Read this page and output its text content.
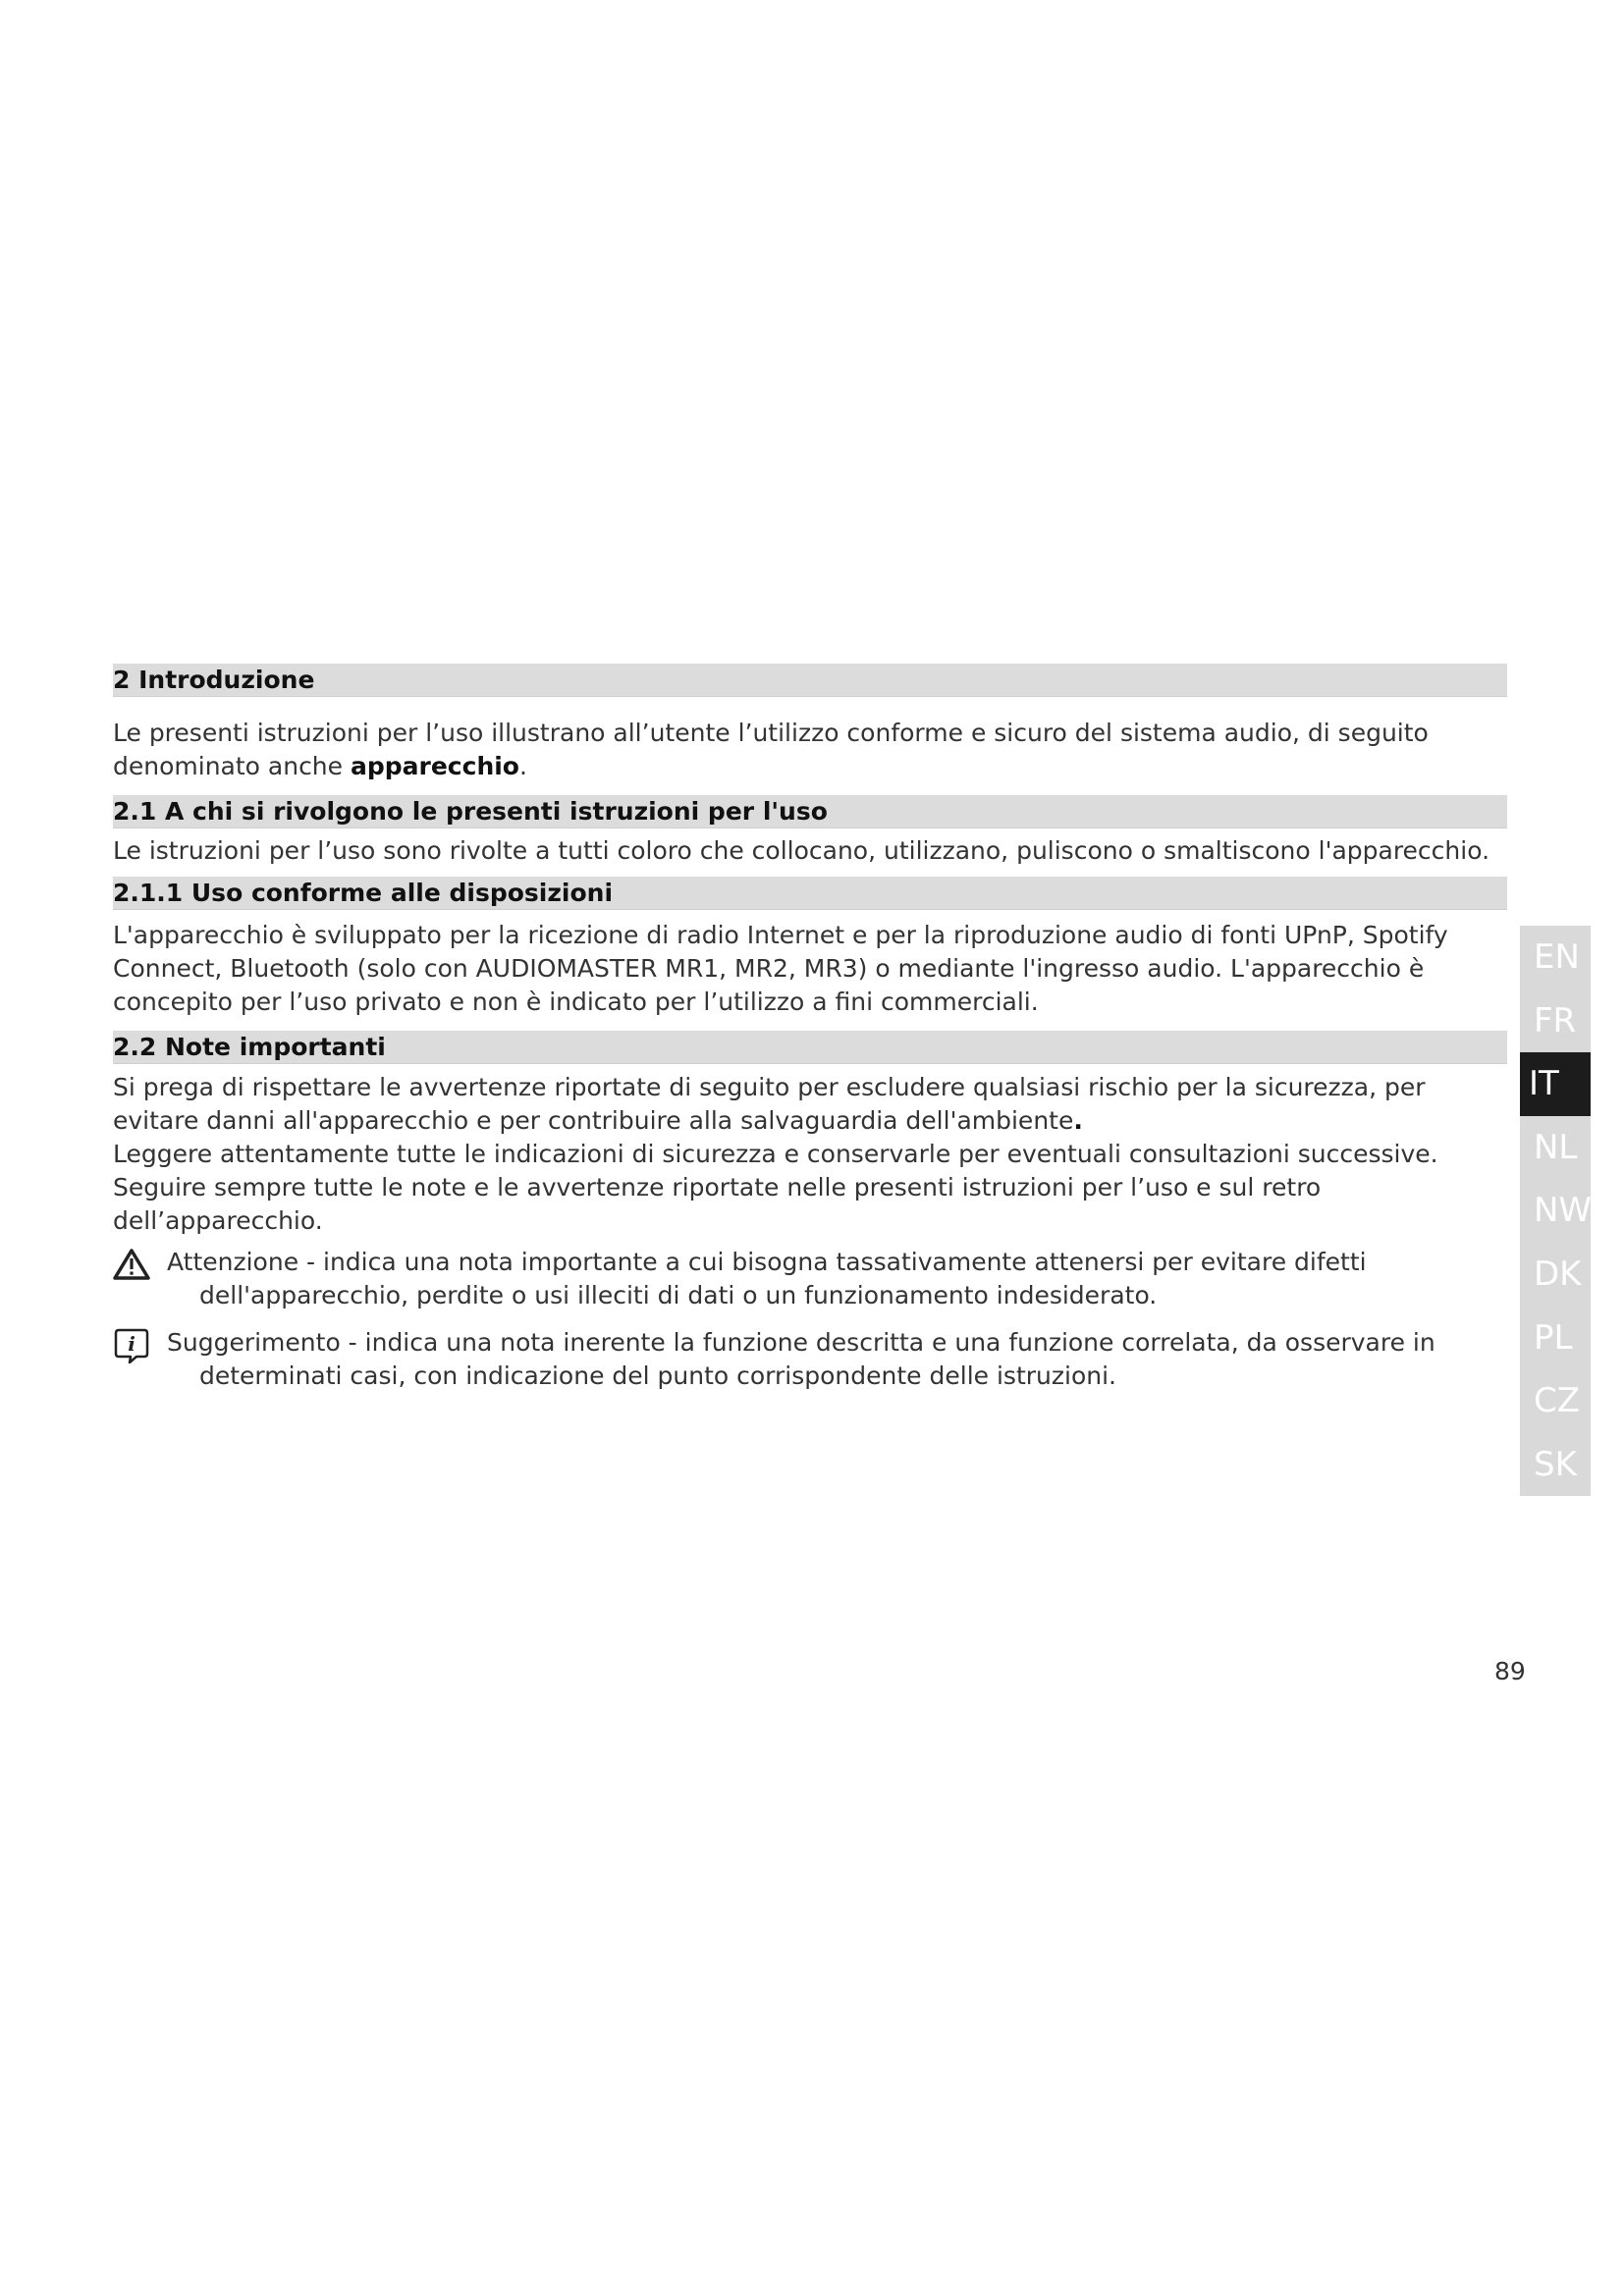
2 Introduzione

Le presenti istruzioni per l’uso illustrano all’utente l’utilizzo conforme e sicuro del sistema audio, di seguito denominato anche apparecchio.

2.1 A chi si rivolgono le presenti istruzioni per l'uso

Le istruzioni per l’uso sono rivolte a tutti coloro che collocano, utilizzano, puliscono o smaltiscono l'apparecchio.

2.1.1 Uso conforme alle disposizioni

L'apparecchio è sviluppato per la ricezione di radio Internet e per la riproduzione audio di fonti UPnP, Spotify Connect, Bluetooth (solo con AUDIOMASTER MR1, MR2, MR3) o mediante l'ingresso audio. L'apparecchio è concepito per l’uso privato e non è indicato per l’utilizzo a fini commerciali.

2.2 Note importanti

Si prega di rispettare le avvertenze riportate di seguito per escludere qualsiasi rischio per la sicurezza, per evitare danni all'apparecchio e per contribuire alla salvaguardia dell'ambiente.

Leggere attentamente tutte le indicazioni di sicurezza e conservarle per eventuali consultazioni successive. Seguire sempre tutte le note e le avvertenze riportate nelle presenti istruzioni per l’uso e sul retro dell’apparecchio.

Attenzione - indica una nota importante a cui bisogna tassativamente attenersi per evitare difetti
dell'apparecchio, perdite o usi illeciti di dati o un funzionamento indesiderato.
i Suggerimento - indica una nota inerente la funzione descritta e una funzione correlata, da osservare in
determinati casi, con indicazione del punto corrispondente delle istruzioni.
EN
FR
IT
NL
NW
DK
PL
CZ
SK
89
